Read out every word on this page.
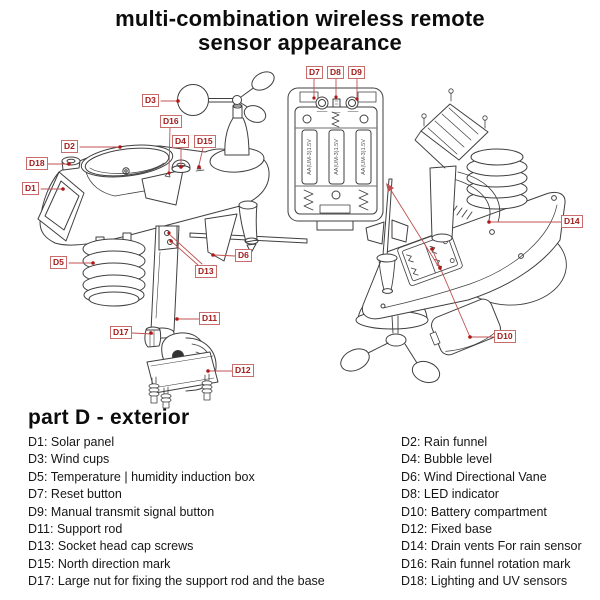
multi-combination wireless remote
sensor appearance
AA(UM-3)1.5V	AA(UM-3)1.5V	AA(UM-3)1.5V
D1
D2
D3
D4
D5
D6
D7	D8	D9
D10
D11
D12
D13
D14
D15
D16
D17
D18
part D - exterior
D1: Solar panel
D3: Wind cups
D5: Temperature | humidity induction box
D7: Reset button
D9: Manual transmit signal button
D11: Support rod
D13: Socket head cap screws
D15: North direction mark
D17: Large nut for fixing the support rod and the base
D2: Rain funnel
D4: Bubble level
D6: Wind Directional Vane
D8: LED indicator
D10: Battery compartment
D12: Fixed base
D14: Drain vents For rain sensor
D16: Rain funnel rotation mark
D18: Lighting and UV sensors
